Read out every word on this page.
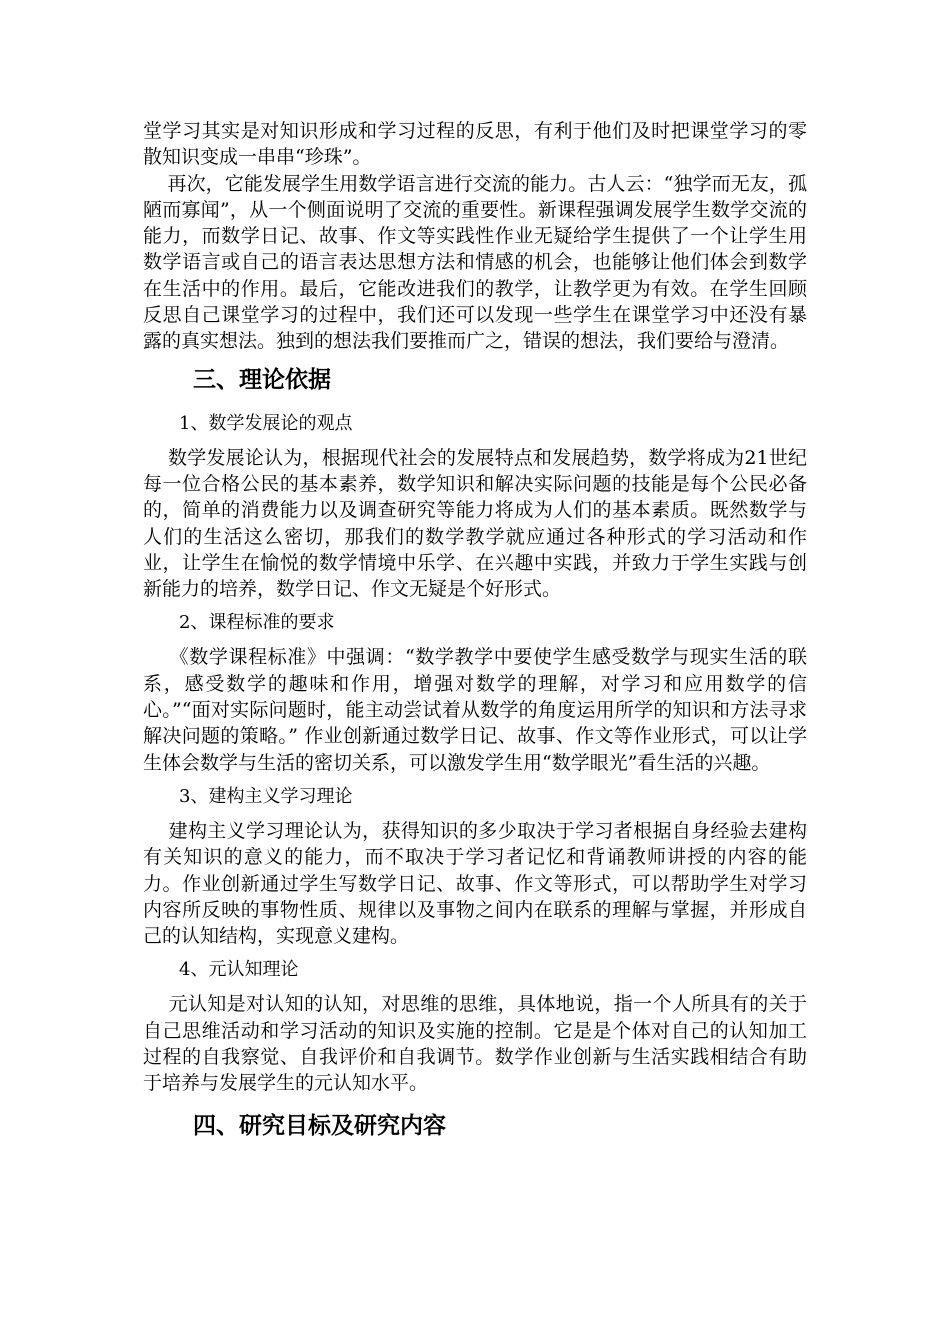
堂学习其实是对知识形成和学习过程的反思，有利于他们及时把课堂学习的零散知识变成一串串“珍珠”。

再次，它能发展学生用数学语言进行交流的能力。古人云：“独学而无友，孤陋而寡闻”，从一个侧面说明了交流的重要性。新课程强调发展学生数学交流的能力，而数学日记、故事、作文等实践性作业无疑给学生提供了一个让学生用数学语言或自己的语言表达思想方法和情感的机会，也能够让他们体会到数学在生活中的作用。最后，它能改进我们的教学，让教学更为有效。在学生回顾反思自己课堂学习的过程中，我们还可以发现一些学生在课堂学习中还没有暴露的真实想法。独到的想法我们要推而广之，错误的想法，我们要给与澄清。

三、理论依据

1、数学发展论的观点

数学发展论认为，根据现代社会的发展特点和发展趋势，数学将成为21世纪每一位合格公民的基本素养，数学知识和解决实际问题的技能是每个公民必备的，简单的消费能力以及调查研究等能力将成为人们的基本素质。既然数学与人们的生活这么密切，那我们的数学教学就应通过各种形式的学习活动和作业，让学生在愉悦的数学情境中乐学、在兴趣中实践，并致力于学生实践与创新能力的培养，数学日记、作文无疑是个好形式。

2、课程标准的要求

《数学课程标准》中强调：“数学教学中要使学生感受数学与现实生活的联系，感受数学的趣味和作用，增强对数学的理解，对学习和应用数学的信心。”“面对实际问题时，能主动尝试着从数学的角度运用所学的知识和方法寻求解决问题的策略。” 作业创新通过数学日记、故事、作文等作业形式，可以让学生体会数学与生活的密切关系，可以激发学生用“数学眼光”看生活的兴趣。

3、建构主义学习理论

建构主义学习理论认为，获得知识的多少取决于学习者根据自身经验去建构有关知识的意义的能力，而不取决于学习者记忆和背诵教师讲授的内容的能力。作业创新通过学生写数学日记、故事、作文等形式，可以帮助学生对学习内容所反映的事物性质、规律以及事物之间内在联系的理解与掌握，并形成自己的认知结构，实现意义建构。

4、元认知理论

元认知是对认知的认知，对思维的思维，具体地说，指一个人所具有的关于自己思维活动和学习活动的知识及实施的控制。它是是个体对自己的认知加工过程的自我察觉、自我评价和自我调节。数学作业创新与生活实践相结合有助于培养与发展学生的元认知水平。

四、研究目标及研究内容
